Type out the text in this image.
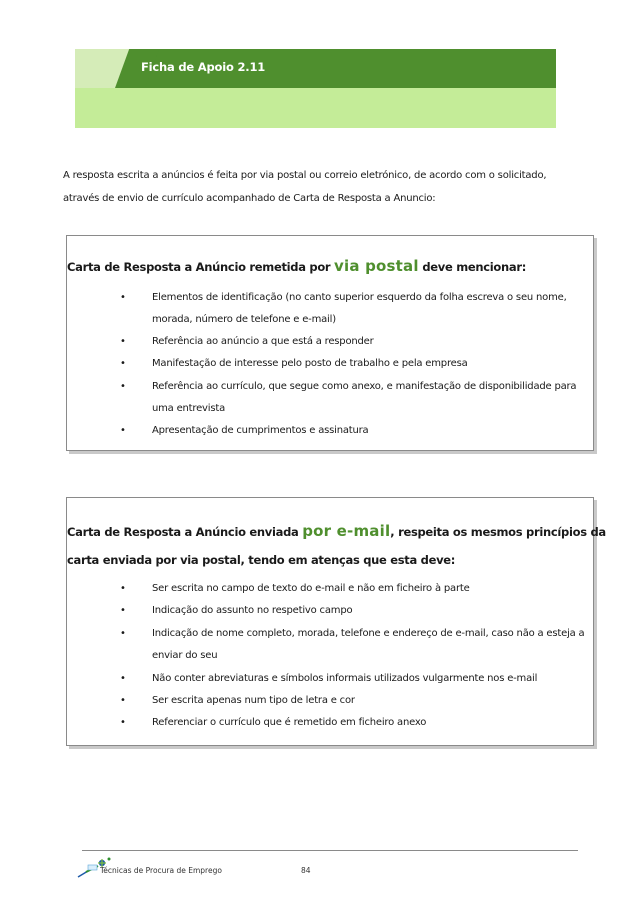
Ficha de Apoio 2.11
A resposta escrita a anúncios é feita por via postal ou correio eletrónico, de acordo com o solicitado,
através de envio de currículo acompanhado de Carta de Resposta a Anuncio:
Carta de Resposta a Anúncio remetida por via postal deve mencionar:
•	Elementos de identificação (no canto superior esquerdo da folha escreva o seu nome,
morada, número de telefone e e-mail)
•	Referência ao anúncio a que está a responder
•	Manifestação de interesse pelo posto de trabalho e pela empresa
•	Referência ao currículo, que segue como anexo, e manifestação de disponibilidade para
uma entrevista
•	Apresentação de cumprimentos e assinatura
Carta de Resposta a Anúncio enviada por e-mail, respeita os mesmos princípios da
carta enviada por via postal, tendo em atenças que esta deve:
•	Ser escrita no campo de texto do e-mail e não em ficheiro à parte
•	Indicação do assunto no respetivo campo
•	Indicação de nome completo, morada, telefone e endereço de e-mail, caso não a esteja a
enviar do seu
•	Não conter abreviaturas e símbolos informais utilizados vulgarmente nos e-mail
•	Ser escrita apenas num tipo de letra e cor
•	Referenciar o currículo que é remetido em ficheiro anexo
Técnicas de Procura de Emprego	84
